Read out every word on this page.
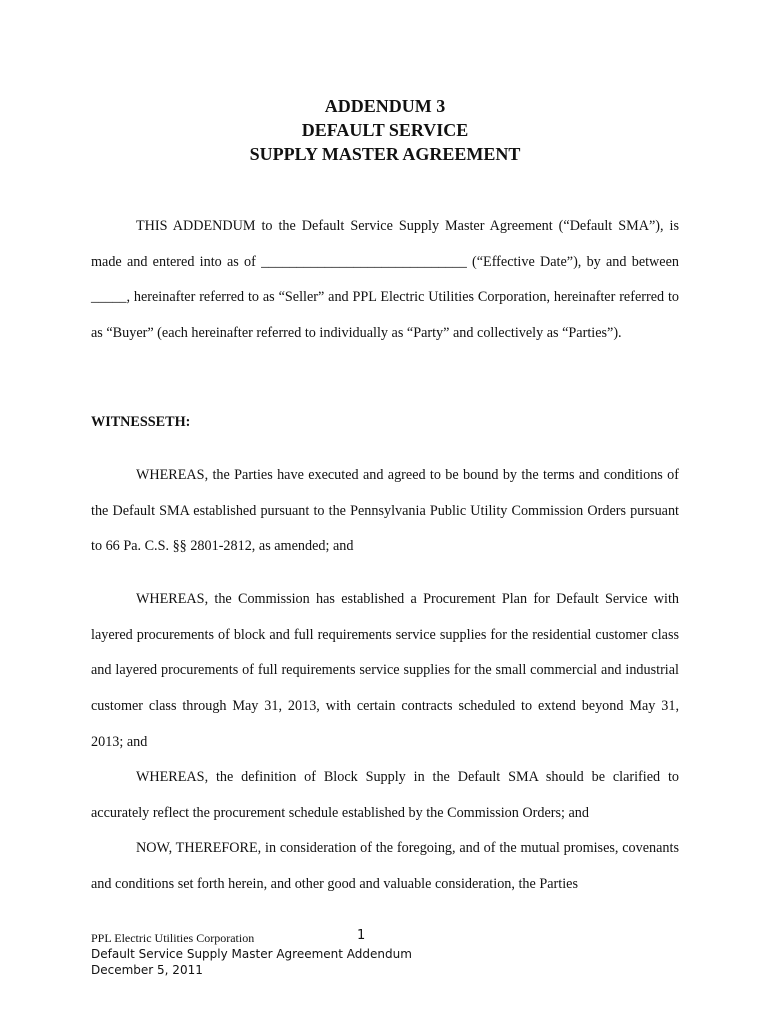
ADDENDUM 3
DEFAULT SERVICE
SUPPLY MASTER AGREEMENT

THIS ADDENDUM to the Default Service Supply Master Agreement (“Default SMA”), is made and entered into as of _____________________________ (“Effective Date”), by and between _____, hereinafter referred to as “Seller” and PPL Electric Utilities Corporation, hereinafter referred to as “Buyer” (each hereinafter referred to individually as “Party” and collectively as “Parties”).

WITNESSETH:

WHEREAS, the Parties have executed and agreed to be bound by the terms and conditions of the Default SMA established pursuant to the Pennsylvania Public Utility Commission Orders pursuant to 66 Pa. C.S. §§ 2801-2812, as amended; and

WHEREAS, the Commission has established a Procurement Plan for Default Service with layered procurements of block and full requirements service supplies for the residential customer class and layered procurements of full requirements service supplies for the small commercial and industrial customer class through May 31, 2013, with certain contracts scheduled to extend beyond May 31, 2013; and

WHEREAS, the definition of Block Supply in the Default SMA should be clarified to accurately reflect the procurement schedule established by the Commission Orders; and

NOW, THEREFORE, in consideration of the foregoing, and of the mutual promises, covenants and conditions set forth herein, and other good and valuable consideration, the Parties

PPL Electric Utilities Corporation	1
Default Service Supply Master Agreement Addendum
December 5, 2011
